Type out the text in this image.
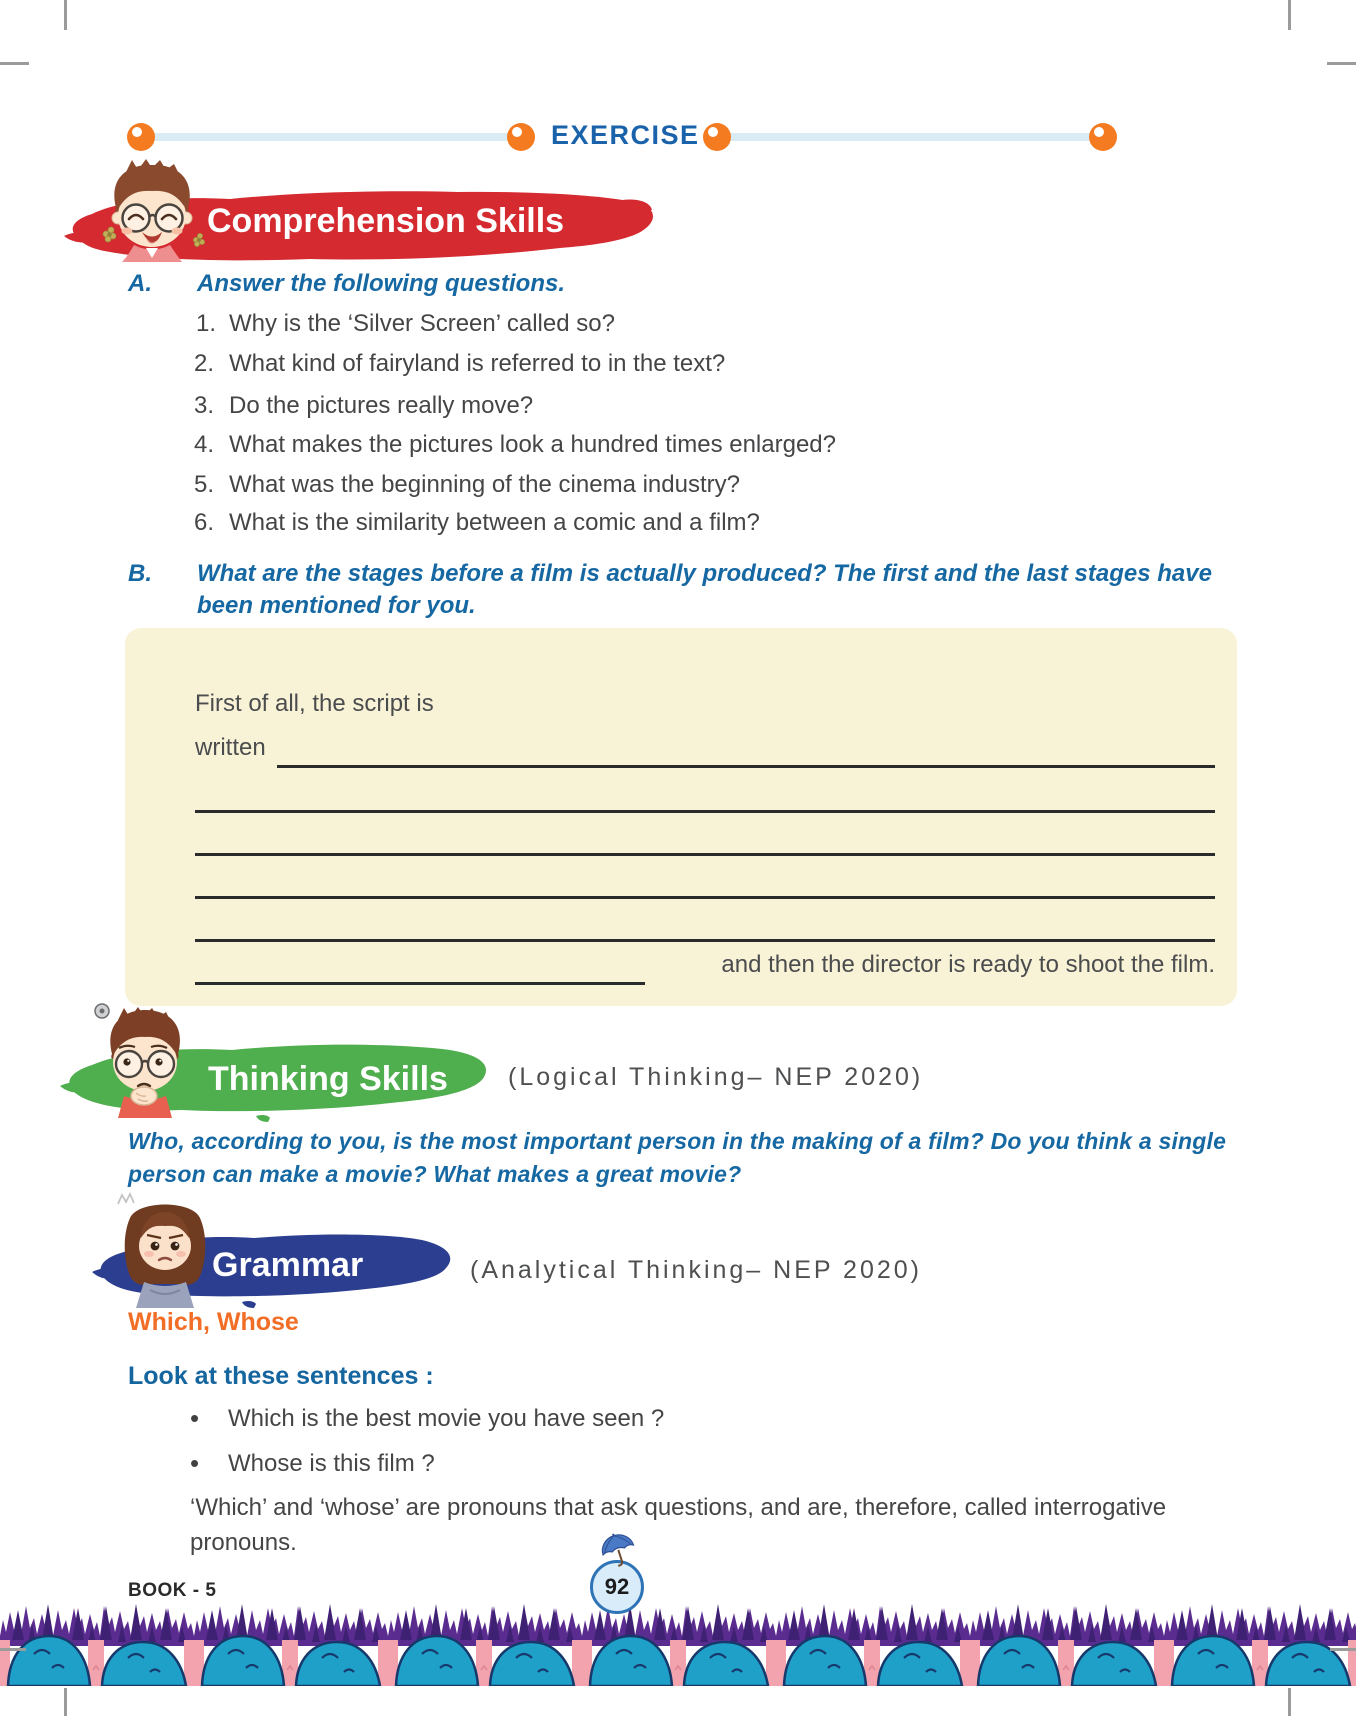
EXERCISE
Comprehension Skills
A. Answer the following questions.
1. Why is the ‘Silver Screen’ called so?
2. What kind of fairyland is referred to in the text?
3. Do the pictures really move?
4. What makes the pictures look a hundred times enlarged?
5. What was the beginning of the cinema industry?
6. What is the similarity between a comic and a film?
B. What are the stages before a film is actually produced? The first and the last stages have
been mentioned for you.
First of all, the script is
written
and then the director is ready to shoot the film.
Thinking Skills (Logical Thinking– NEP 2020)
Who, according to you, is the most important person in the making of a film? Do you think a single
person can make a movie? What makes a great movie?
Grammar	(Analytical Thinking– NEP 2020)
Which, Whose
Look at these sentences :
• Which is the best movie you have seen ?
• Whose is this film ?
‘Which’ and ‘whose’ are pronouns that ask questions, and are, therefore, called interrogative
pronouns.
BOOK - 5	92
